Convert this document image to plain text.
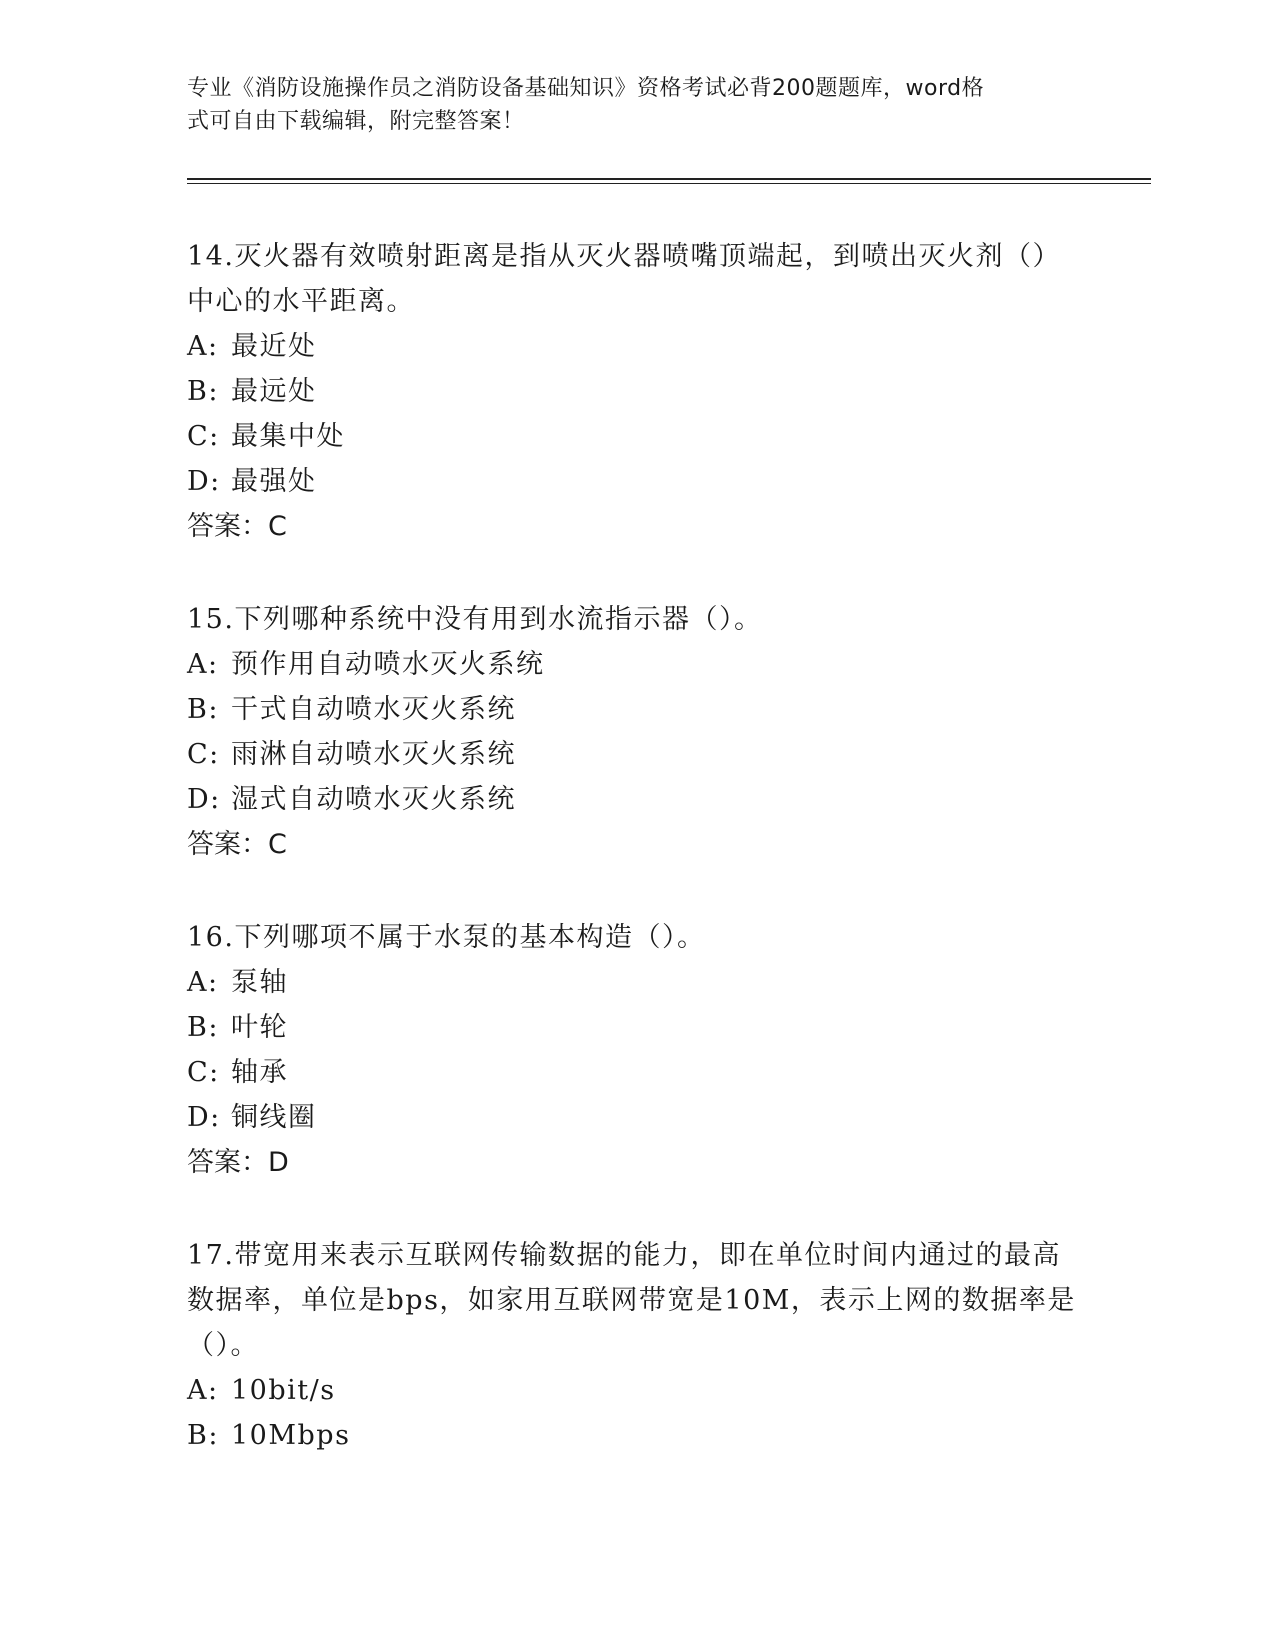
专业《消防设施操作员之消防设备基础知识》资格考试必背200题题库，word格
式可自由下载编辑，附完整答案！
14.灭火器有效喷射距离是指从灭火器喷嘴顶端起，到喷出灭火剂（）
中心的水平距离。
A: 最近处
B: 最远处
C: 最集中处
D: 最强处
答案：C
15.下列哪种系统中没有用到水流指示器（）。
A: 预作用自动喷水灭火系统
B: 干式自动喷水灭火系统
C: 雨淋自动喷水灭火系统
D: 湿式自动喷水灭火系统
答案：C
16.下列哪项不属于水泵的基本构造（）。
A: 泵轴
B: 叶轮
C: 轴承
D: 铜线圈
答案：D
17.带宽用来表示互联网传输数据的能力，即在单位时间内通过的最高
数据率，单位是bps，如家用互联网带宽是10M，表示上网的数据率是
（）。
A: 10bit/s
B: 10Mbps
